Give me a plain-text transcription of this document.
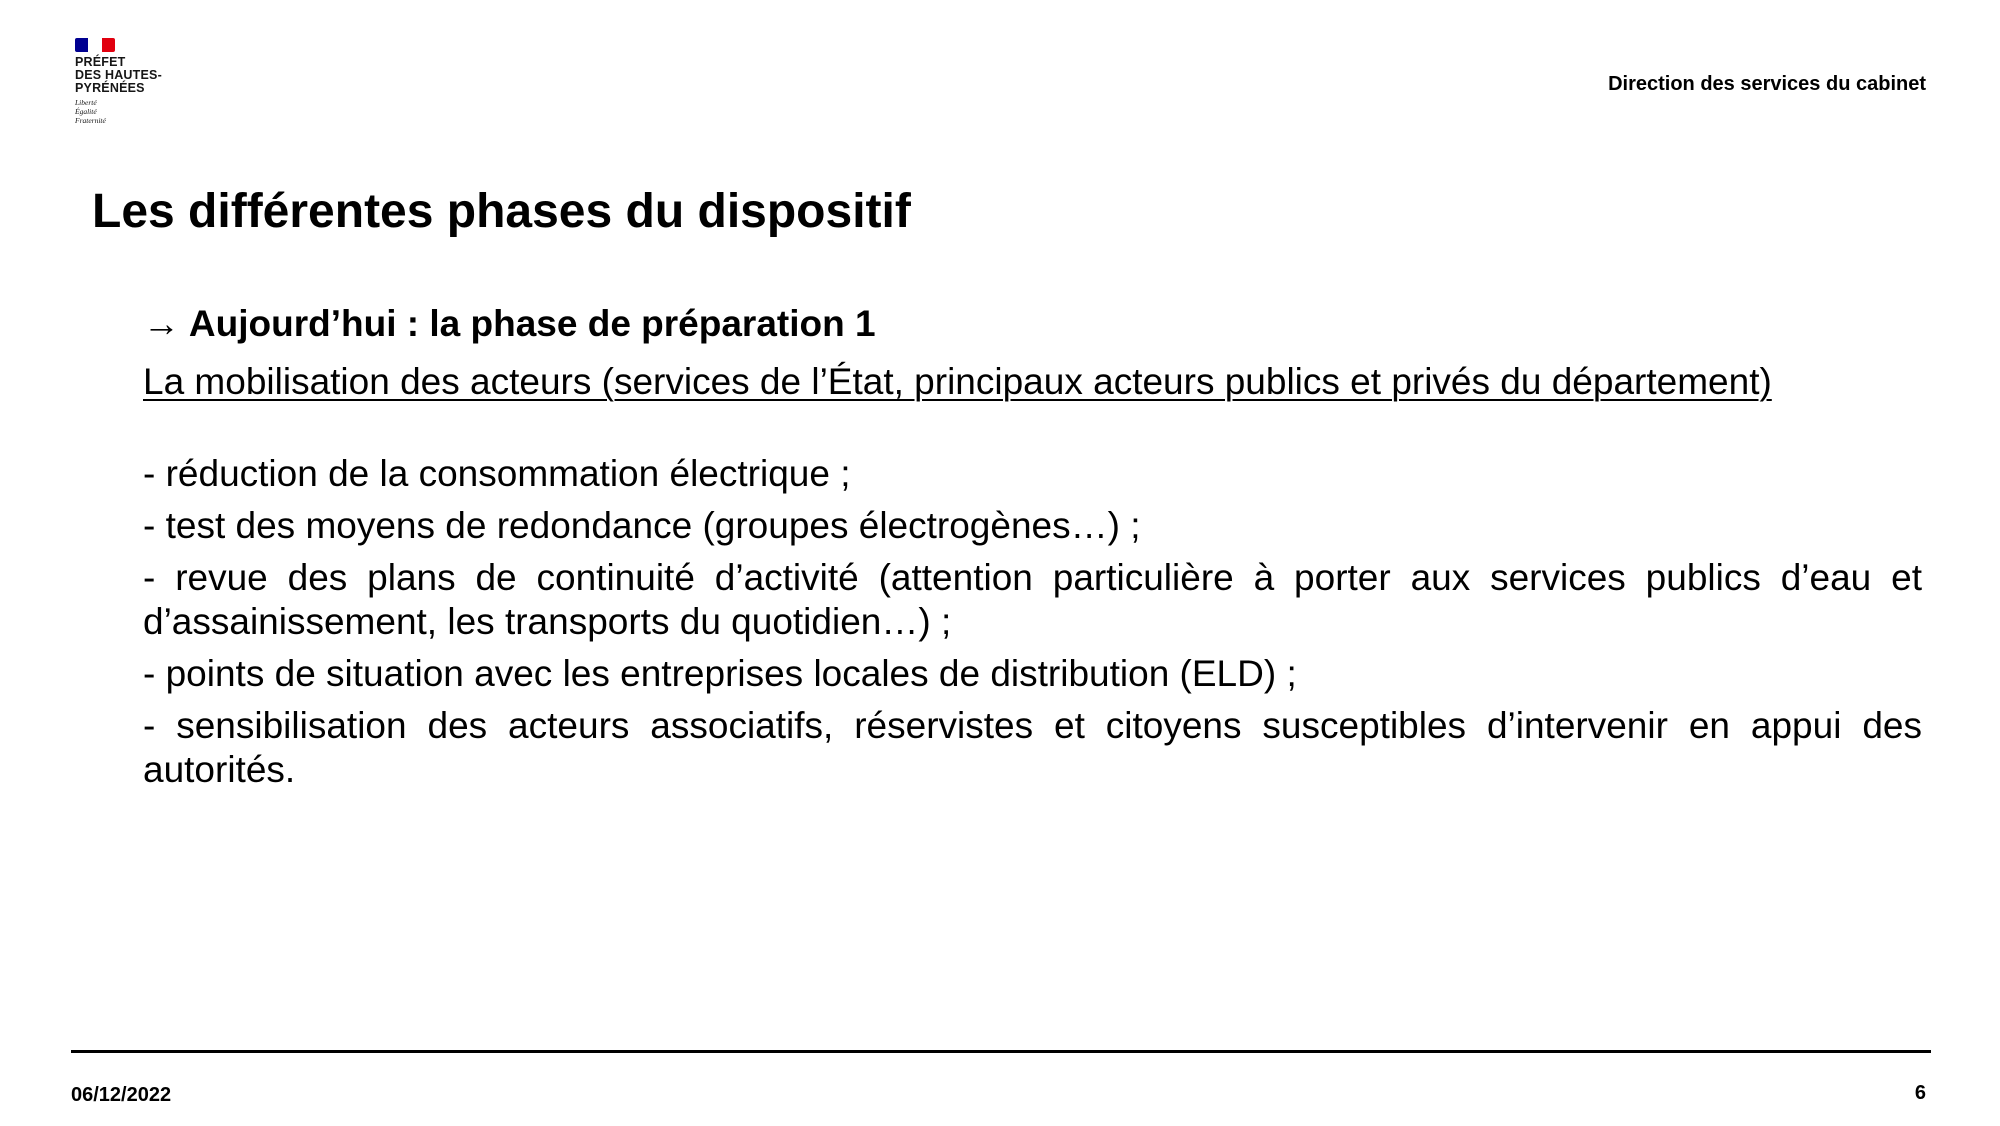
PRÉFET
DES HAUTES-
PYRÉNÉES
Liberté
Égalité
Fraternité
Direction des services du cabinet
Les différentes phases du dispositif
→ Aujourd’hui : la phase de préparation 1
La mobilisation des acteurs (services de l’État, principaux acteurs publics et privés du département)
- réduction de la consommation électrique ;
- test des moyens de redondance (groupes électrogènes…) ;
- revue des plans de continuité d’activité (attention particulière à porter aux services publics d’eau et d’assainissement, les transports du quotidien…) ;
- points de situation avec les entreprises locales de distribution (ELD) ;
- sensibilisation des acteurs associatifs, réservistes et citoyens susceptibles d’intervenir en appui des autorités.
06/12/2022	6
